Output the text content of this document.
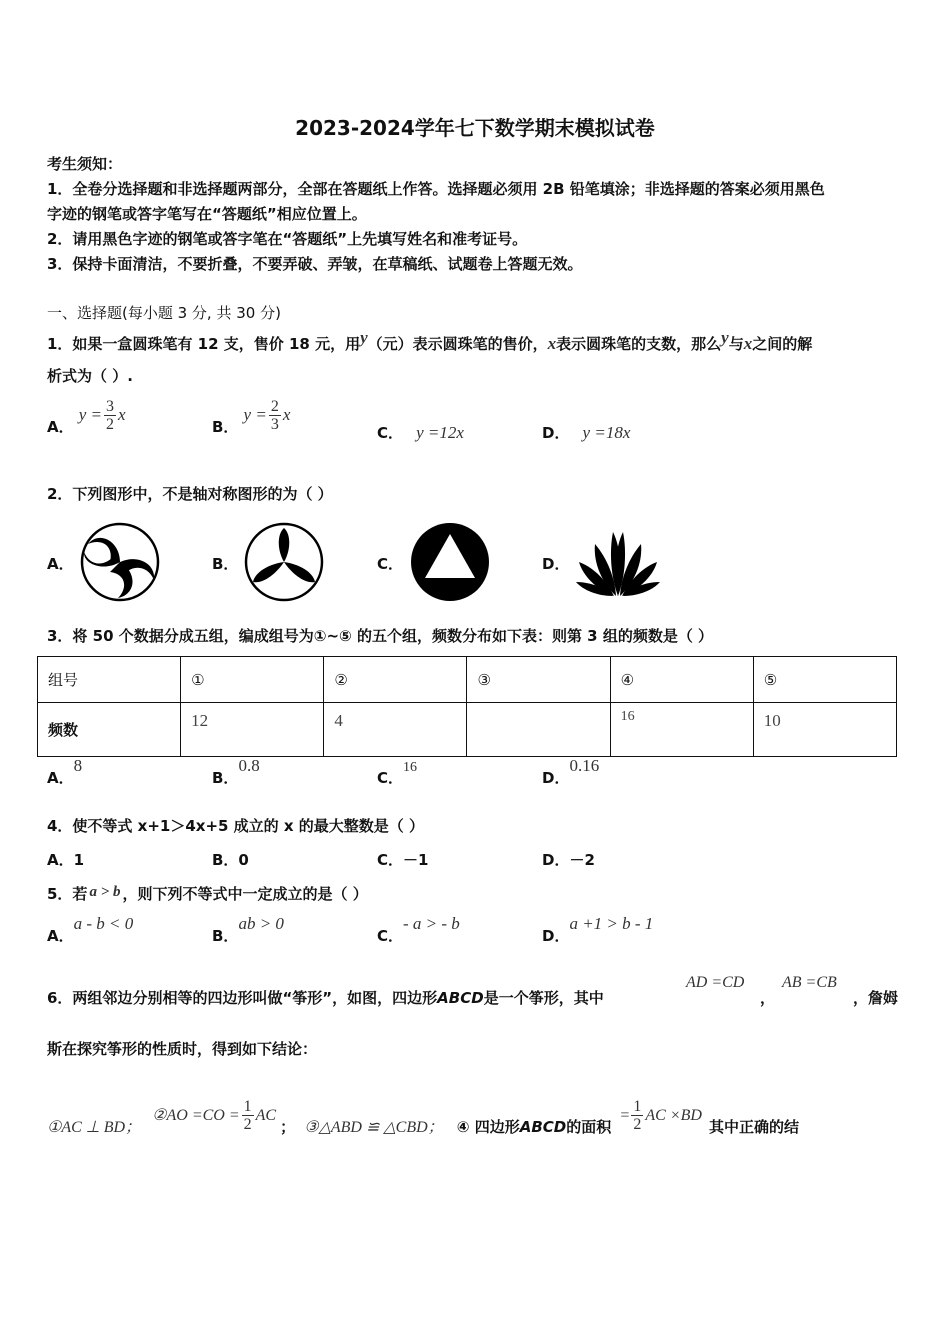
2023-2024学年七下数学期末模拟试卷
考生须知：
1．全卷分选择题和非选择题两部分，全部在答题纸上作答。选择题必须用 2B 铅笔填涂；非选择题的答案必须用黑色
字迹的钢笔或答字笔写在“答题纸”相应位置上。
2．请用黑色字迹的钢笔或答字笔在“答题纸”上先填写姓名和准考证号。
3．保持卡面清洁，不要折叠，不要弄破、弄皱，在草稿纸、试题卷上答题无效。
一、选择题(每小题 3 分, 共 30 分)
1．如果一盒圆珠笔有 12 支，售价 18 元，用y（元）表示圆珠笔的售价，x表示圆珠笔的支数，那么y与x之间的解
析式为（ ）.
A． $y = \frac{3}{2}$ x
B． $y = \frac{2}{3}$ x
C． y =12x	D． y =18x
2．下列图形中，不是轴对称图形的为（ ）
A．	B．	C．	D．
3．将 50 个数据分成五组，编成组号为①~⑤ 的五个组，频数分布如下表：则第 3 组的频数是（ ）
组号	①	②	③	④	⑤
频数	12	4		16	10
A．8
B．0.8
C．16
D．0.16
4．使不等式 x+1＞4x+5 成立的 x 的最大整数是（ ）
A．1	B．0	C．－1	D．－2
5．若 a > b ，则下列不等式中一定成立的是（ ）
A．a - b < 0
B．ab > 0
C．- a > - b
D．a +1 > b - 1
6．两组邻边分别相等的四边形叫做“筝形”，如图，四边形ABCD是一个筝形，其中
AD =CD
，
AB =CB
，詹姆
斯在探究筝形的性质时，得到如下结论：
①AC ⊥ BD； ②AO $=CO = \frac{1}{2}$ AC； ③△ABD ≌ △CBD； ④ 四边形ABCD的面积 = $\frac{1}{2}$ AC ×BD 其中正确的结
